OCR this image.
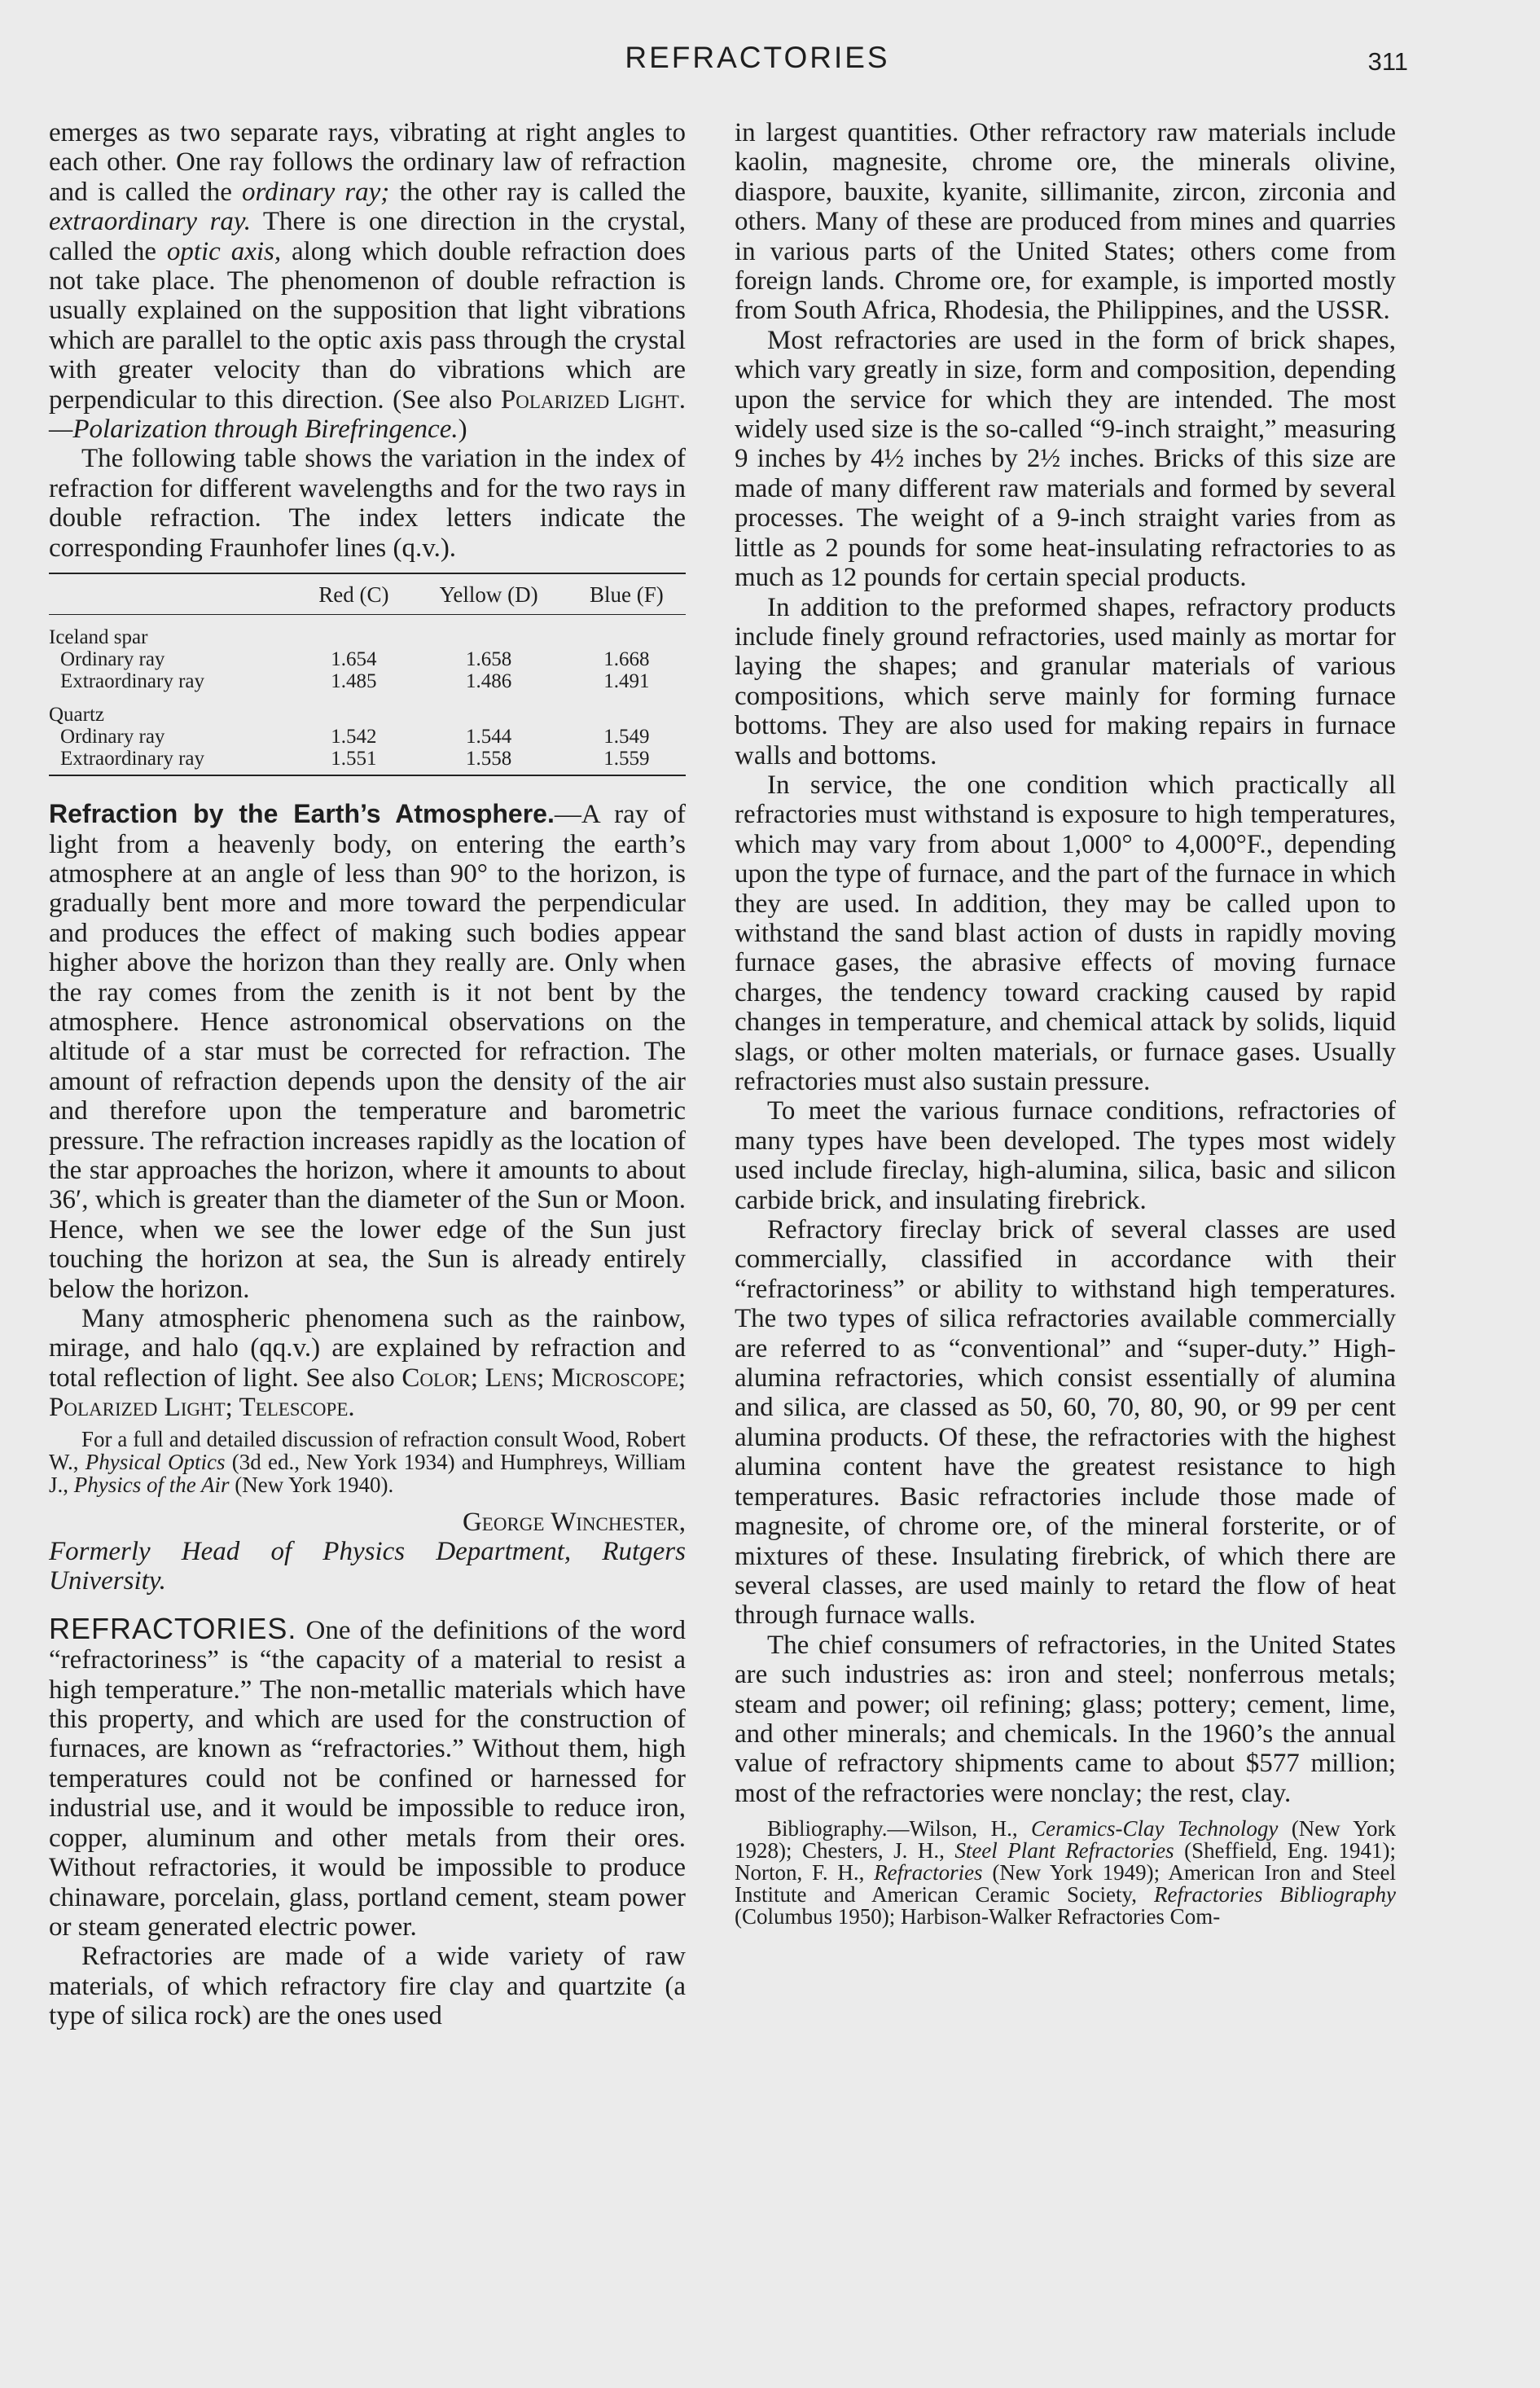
REFRACTORIES	311

emerges as two separate rays, vibrating at right angles to each other. One ray follows the ordinary law of refraction and is called the ordinary ray; the other ray is called the extraordinary ray. There is one direction in the crystal, called the optic axis, along which double refraction does not take place. The phenomenon of double refraction is usually explained on the supposition that light vibrations which are parallel to the optic axis pass through the crystal with greater velocity than do vibrations which are perpendicular to this direction. (See also Polarized Light.—Polarization through Birefringence.)

The following table shows the variation in the index of refraction for different wavelengths and for the two rays in double refraction. The index letters indicate the corresponding Fraunhofer lines (q.v.).

	Red (C)	Yellow (D)	Blue (F)
Iceland spar			
Ordinary ray	1.654	1.658	1.668
Extraordinary ray	1.485	1.486	1.491
Quartz			
Ordinary ray	1.542	1.544	1.549
Extraordinary ray	1.551	1.558	1.559

Refraction by the Earth’s Atmosphere.—A ray of light from a heavenly body, on entering the earth’s atmosphere at an angle of less than 90° to the horizon, is gradually bent more and more toward the perpendicular and produces the effect of making such bodies appear higher above the horizon than they really are. Only when the ray comes from the zenith is it not bent by the atmosphere. Hence astronomical observations on the altitude of a star must be corrected for refraction. The amount of refraction depends upon the density of the air and therefore upon the temperature and barometric pressure. The refraction increases rapidly as the location of the star approaches the horizon, where it amounts to about 36′, which is greater than the diameter of the Sun or Moon. Hence, when we see the lower edge of the Sun just touching the horizon at sea, the Sun is already entirely below the horizon.

Many atmospheric phenomena such as the rainbow, mirage, and halo (qq.v.) are explained by refraction and total reflection of light. See also Color; Lens; Microscope; Polarized Light; Telescope.

For a full and detailed discussion of refraction consult Wood, Robert W., Physical Optics (3d ed., New York 1934) and Humphreys, William J., Physics of the Air (New York 1940).

George Winchester,

Formerly Head of Physics Department, Rutgers University.

REFRACTORIES. One of the definitions of the word “refractoriness” is “the capacity of a material to resist a high temperature.” The non-metallic materials which have this property, and which are used for the construction of furnaces, are known as “refractories.” Without them, high temperatures could not be confined or harnessed for industrial use, and it would be impossible to reduce iron, copper, aluminum and other metals from their ores. Without refractories, it would be impossible to produce chinaware, porcelain, glass, portland cement, steam power or steam generated electric power.

Refractories are made of a wide variety of raw materials, of which refractory fire clay and quartzite (a type of silica rock) are the ones used

in largest quantities. Other refractory raw materials include kaolin, magnesite, chrome ore, the minerals olivine, diaspore, bauxite, kyanite, sillimanite, zircon, zirconia and others. Many of these are produced from mines and quarries in various parts of the United States; others come from foreign lands. Chrome ore, for example, is imported mostly from South Africa, Rhodesia, the Philippines, and the USSR.

Most refractories are used in the form of brick shapes, which vary greatly in size, form and composition, depending upon the service for which they are intended. The most widely used size is the so-called “9-inch straight,” measuring 9 inches by 4½ inches by 2½ inches. Bricks of this size are made of many different raw materials and formed by several processes. The weight of a 9-inch straight varies from as little as 2 pounds for some heat-insulating refractories to as much as 12 pounds for certain special products.

In addition to the preformed shapes, refractory products include finely ground refractories, used mainly as mortar for laying the shapes; and granular materials of various compositions, which serve mainly for forming furnace bottoms. They are also used for making repairs in furnace walls and bottoms.

In service, the one condition which practically all refractories must withstand is exposure to high temperatures, which may vary from about 1,000° to 4,000°F., depending upon the type of furnace, and the part of the furnace in which they are used. In addition, they may be called upon to withstand the sand blast action of dusts in rapidly moving furnace gases, the abrasive effects of moving furnace charges, the tendency toward cracking caused by rapid changes in temperature, and chemical attack by solids, liquid slags, or other molten materials, or furnace gases. Usually refractories must also sustain pressure.

To meet the various furnace conditions, refractories of many types have been developed. The types most widely used include fireclay, high-alumina, silica, basic and silicon carbide brick, and insulating firebrick.

Refractory fireclay brick of several classes are used commercially, classified in accordance with their “refractoriness” or ability to withstand high temperatures. The two types of silica refractories available commercially are referred to as “conventional” and “super-duty.” High-alumina refractories, which consist essentially of alumina and silica, are classed as 50, 60, 70, 80, 90, or 99 per cent alumina products. Of these, the refractories with the highest alumina content have the greatest resistance to high temperatures. Basic refractories include those made of magnesite, of chrome ore, of the mineral forsterite, or of mixtures of these. Insulating firebrick, of which there are several classes, are used mainly to retard the flow of heat through furnace walls.

The chief consumers of refractories, in the United States are such industries as: iron and steel; nonferrous metals; steam and power; oil refining; glass; pottery; cement, lime, and other minerals; and chemicals. In the 1960’s the annual value of refractory shipments came to about $577 million; most of the refractories were nonclay; the rest, clay.

Bibliography.—Wilson, H., Ceramics-Clay Technology (New York 1928); Chesters, J. H., Steel Plant Refractories (Sheffield, Eng. 1941); Norton, F. H., Refractories (New York 1949); American Iron and Steel Institute and American Ceramic Society, Refractories Bibliography (Columbus 1950); Harbison-Walker Refractories Com-
